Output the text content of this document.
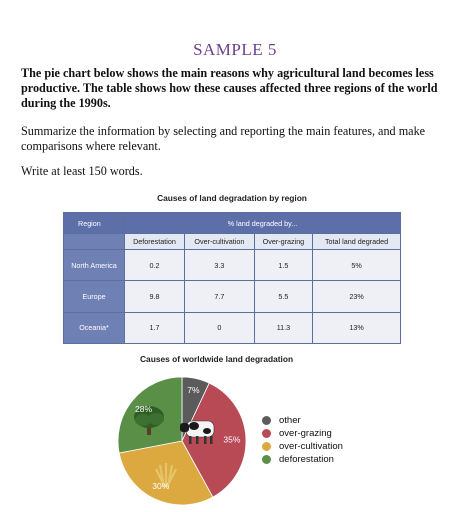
SAMPLE 5
The pie chart below shows the main reasons why agricultural land becomes less productive. The table shows how these causes affected three regions of the world during the 1990s.
Summarize the information by selecting and reporting the main features, and make comparisons where relevant.
Write at least 150 words.
Causes of land degradation by region
Region	% land degraded by...			
	Deforestation	Over-cultivation	Over-grazing	Total land degraded
North America	0.2	3.3	1.5	5%
Europe	9.8	7.7	5.5	23%
Oceania*	1.7	0	11.3	13%
Causes of worldwide land degradation
7%
35%
30%
28%
other
over-grazing
over-cultivation
deforestation
